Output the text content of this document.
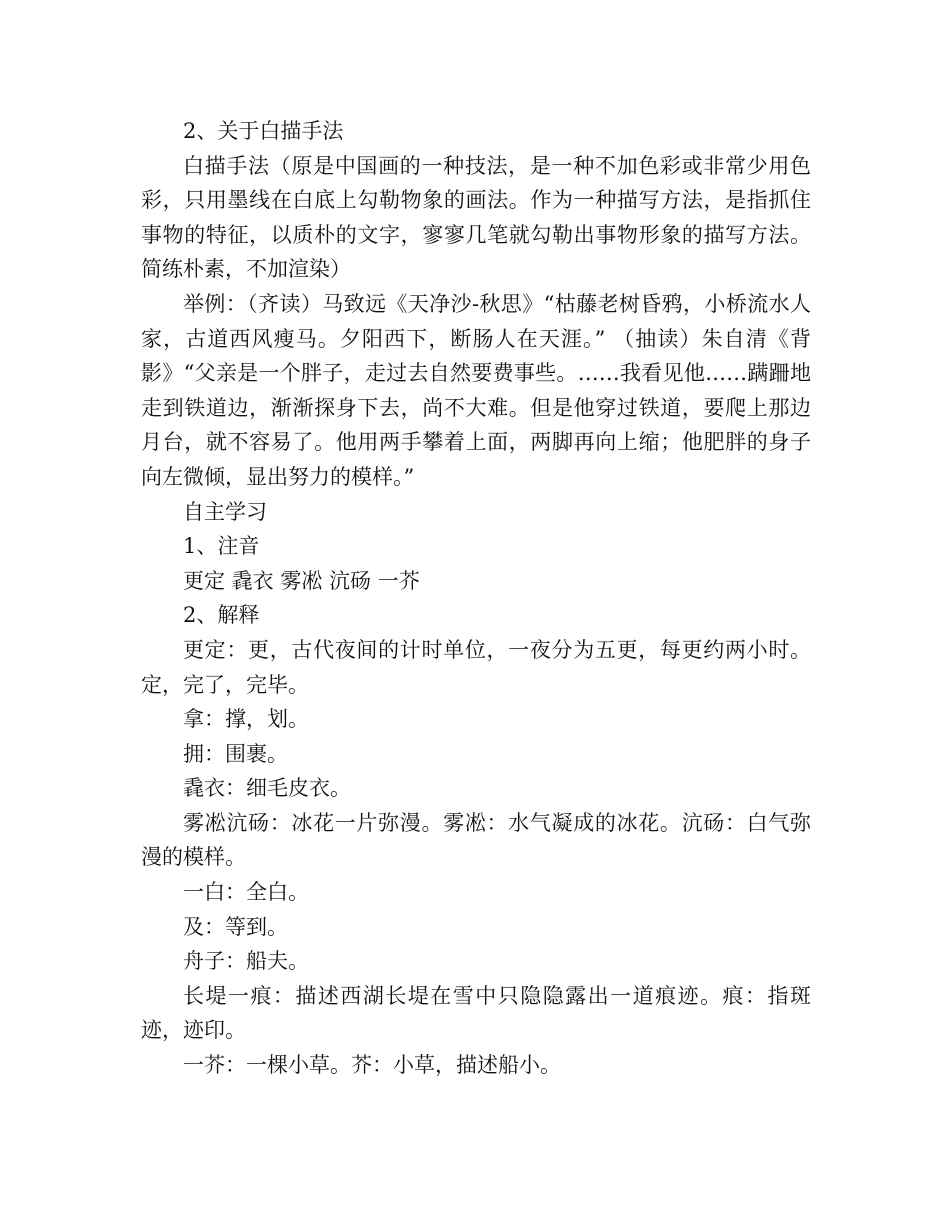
2、关于白描手法

白描手法（原是中国画的一种技法，是一种不加色彩或非常少用色彩，只用墨线在白底上勾勒物象的画法。作为一种描写方法，是指抓住事物的特征，以质朴的文字，寥寥几笔就勾勒出事物形象的描写方法。简练朴素，不加渲染）

举例：（齐读）马致远《天净沙-秋思》“枯藤老树昏鸦，小桥流水人家，古道西风瘦马。夕阳西下，断肠人在天涯。” （抽读）朱自清《背影》“父亲是一个胖子，走过去自然要费事些。……我看见他……蹒跚地走到铁道边，渐渐探身下去，尚不大难。但是他穿过铁道，要爬上那边月台，就不容易了。他用两手攀着上面，两脚再向上缩；他肥胖的身子向左微倾，显出努力的模样。”

自主学习

1、注音

更定 毳衣 雾凇 沆砀 一芥

2、解释

更定：更，古代夜间的计时单位，一夜分为五更，每更约两小时。定，完了，完毕。

拿：撑，划。

拥：围裹。

毳衣：细毛皮衣。

雾凇沆砀：冰花一片弥漫。雾凇：水气凝成的冰花。沆砀：白气弥漫的模样。

一白：全白。

及：等到。

舟子：船夫。

长堤一痕：描述西湖长堤在雪中只隐隐露出一道痕迹。痕：指斑迹，迹印。

一芥：一棵小草。芥：小草，描述船小。
